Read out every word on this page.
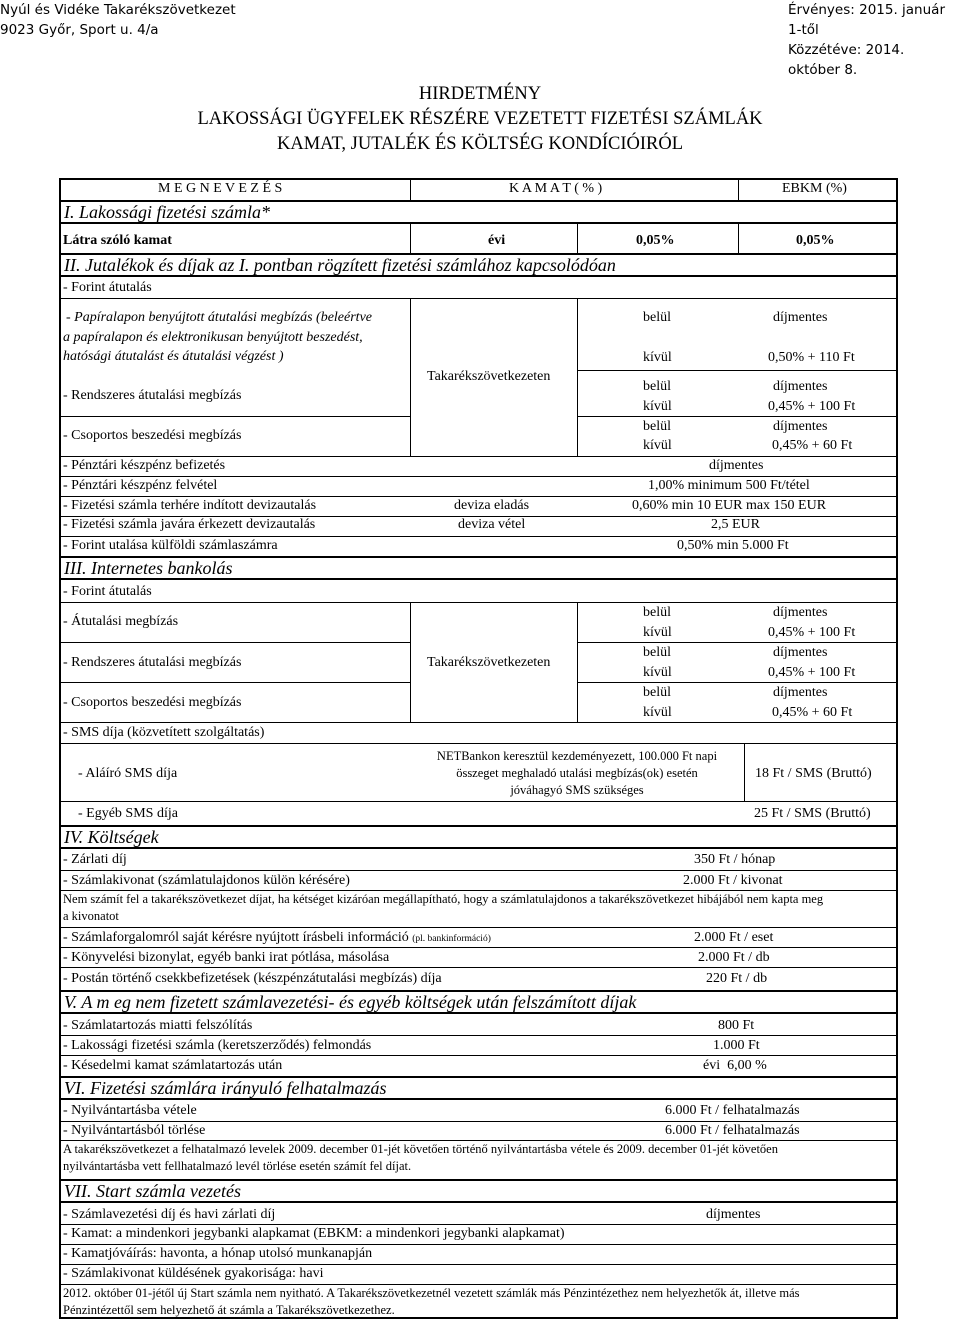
Nyúl és Vidéke Takarékszövetkezet
9023 Győr, Sport u. 4/a
Érvényes: 2015. január 1-től
Közzétéve: 2014. október 8.
HIRDETMÉNY
LAKOSSÁGI ÜGYFELEK RÉSZÉRE VEZETETT FIZETÉSI SZÁMLÁK
KAMAT, JUTALÉK ÉS KÖLTSÉG KONDÍCIÓIRÓL
M E G N E V E Z É S	K A M A T ( % )	EBKM (%)
I. Lakossági fizetési számla*
Látra szóló kamat	évi	0,05%	0,05%
II. Jutalékok és díjak az I. pontban rögzített fizetési számlához kapcsolódóan
- Forint átutalás
- Papíralapon benyújtott átutalási megbízás (beleértve
a papíralapon és elektronikusan benyújtott beszedést,
hatósági átutalást és átutalási végzést )
belül	díjmentes
kívül	0,50% + 110 Ft
Takarékszövetkezeten
- Rendszeres átutalási megbízás
belül	díjmentes
kívül	0,45% + 100 Ft
- Csoportos beszedési megbízás
belül	díjmentes
kívül	0,45% + 60 Ft
- Pénztári készpénz befizetés	díjmentes
- Pénztári készpénz felvétel	1,00% minimum 500 Ft/tétel
- Fizetési számla terhére indított devizautalás	deviza eladás	0,60% min 10 EUR max 150 EUR
- Fizetési számla javára érkezett devizautalás	deviza vétel	2,5 EUR
- Forint utalása külföldi számlaszámra	0,50% min 5.000 Ft
III. Internetes bankolás
- Forint átutalás
- Átutalási megbízás
belül	díjmentes
kívül	0,45% + 100 Ft
Takarékszövetkezeten
- Rendszeres átutalási megbízás
belül	díjmentes
kívül	0,45% + 100 Ft
- Csoportos beszedési megbízás
belül	díjmentes
kívül	0,45% + 60 Ft
- SMS díja (közvetített szolgáltatás)
- Aláíró SMS díja
NETBankon keresztül kezdeményezett, 100.000 Ft napi
összeget meghaladó utalási megbízás(ok) esetén
jóváhagyó SMS szükséges
18 Ft / SMS (Bruttó)
- Egyéb SMS díja	25 Ft / SMS (Bruttó)
IV. Költségek
- Zárlati díj	350 Ft / hónap
- Számlakivonat (számlatulajdonos külön kérésére)	2.000 Ft / kivonat
Nem számít fel a takarékszövetkezet díjat, ha kétséget kizáróan megállapítható, hogy a számlatulajdonos a takarékszövetkezet hibájából nem kapta meg
a kivonatot
- Számlaforgalomról saját kérésre nyújtott írásbeli információ (pl. bankinformáció)	2.000 Ft / eset
- Könyvelési bizonylat, egyéb banki irat pótlása, másolása	2.000 Ft / db
- Postán történő csekkbefizetések (készpénzátutalási megbízás) díja	220 Ft / db
V. A m eg nem fizetett számlavezetési- és egyéb költségek után felszámított díjak
- Számlatartozás miatti felszólítás	800 Ft
- Lakossági fizetési számla (keretszerződés) felmondás	1.000 Ft
- Késedelmi kamat számlatartozás után	évi  6,00 %
VI. Fizetési számlára irányuló felhatalmazás
- Nyilvántartásba vétele	6.000 Ft / felhatalmazás
- Nyilvántartásból törlése	6.000 Ft / felhatalmazás
A takarékszövetkezet a felhatalmazó levelek 2009. december 01-jét követően történő nyilvántartásba vétele és 2009. december 01-jét követően
nyilvántartásba vett fellhatalmazó levél törlése esetén számít fel díjat.
VII. Start számla vezetés
- Számlavezetési díj és havi zárlati díj	díjmentes
- Kamat: a mindenkori jegybanki alapkamat (EBKM: a mindenkori jegybanki alapkamat)
- Kamatjóváírás: havonta, a hónap utolsó munkanapján
- Számlakivonat küldésének gyakorisága: havi
2012. október 01-jétől új Start számla nem nyitható. A Takarékszövetkezetnél vezetett számlák más Pénzintézethez nem helyezhetők át, illetve más
Pénzintézettől sem helyezhető át számla a Takarékszövetkezethez.
